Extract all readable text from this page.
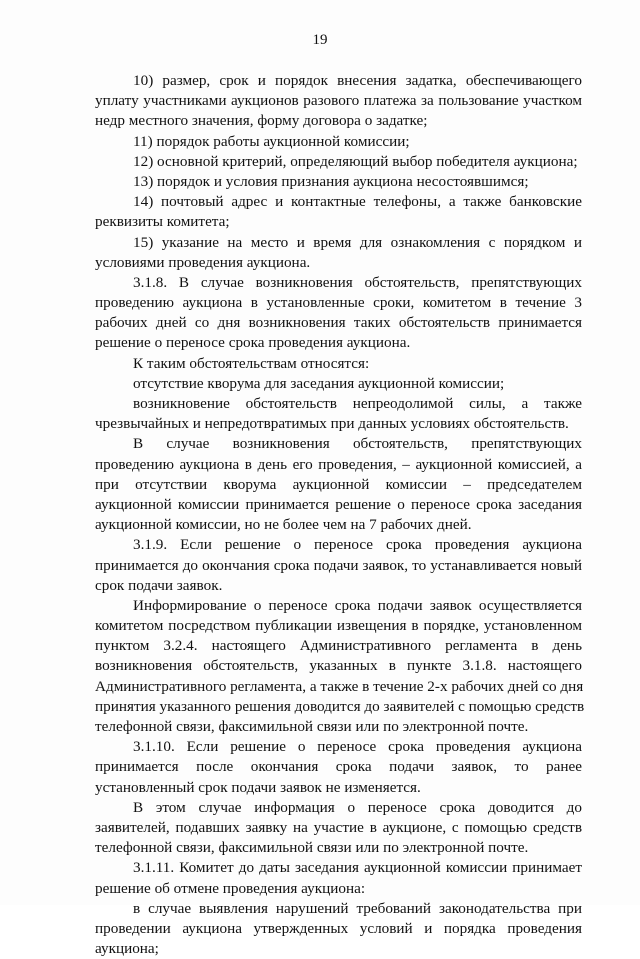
19
10) размер, срок и порядок внесения задатка, обеспечивающего
уплату участниками аукционов разового платежа за пользование участком
недр местного значения, форму договора о задатке;
11) порядок работы аукционной комиссии;
12) основной критерий, определяющий выбор победителя аукциона;
13) порядок и условия признания аукциона несостоявшимся;
14) почтовый адрес и контактные телефоны, а также банковские
реквизиты комитета;
15) указание на место и время для ознакомления с порядком и
условиями проведения аукциона.
3.1.8. В случае возникновения обстоятельств, препятствующих
проведению аукциона в установленные сроки, комитетом в течение 3
рабочих дней со дня возникновения таких обстоятельств принимается
решение о переносе срока проведения аукциона.
К таким обстоятельствам относятся:
отсутствие кворума для заседания аукционной комиссии;
возникновение обстоятельств непреодолимой силы, а также
чрезвычайных и непредотвратимых при данных условиях обстоятельств.
В случае возникновения обстоятельств, препятствующих
проведению аукциона в день его проведения, – аукционной комиссией, а
при отсутствии кворума аукционной комиссии – председателем
аукционной комиссии принимается решение о переносе срока заседания
аукционной комиссии, но не более чем на 7 рабочих дней.
3.1.9. Если решение о переносе срока проведения аукциона
принимается до окончания срока подачи заявок, то устанавливается новый
срок подачи заявок.
Информирование о переносе срока подачи заявок осуществляется
комитетом посредством публикации извещения в порядке, установленном
пунктом 3.2.4. настоящего Административного регламента в день
возникновения обстоятельств, указанных в пункте 3.1.8. настоящего
Административного регламента, а также в течение 2-х рабочих дней со дня
принятия указанного решения доводится до заявителей с помощью средств
телефонной связи, факсимильной связи или по электронной почте.
3.1.10. Если решение о переносе срока проведения аукциона
принимается после окончания срока подачи заявок, то ранее
установленный срок подачи заявок не изменяется.
В этом случае информация о переносе срока доводится до
заявителей, подавших заявку на участие в аукционе, с помощью средств
телефонной связи, факсимильной связи или по электронной почте.
3.1.11. Комитет до даты заседания аукционной комиссии принимает
решение об отмене проведения аукциона:
в случае выявления нарушений требований законодательства при
проведении аукциона утвержденных условий и порядка проведения
аукциона;
